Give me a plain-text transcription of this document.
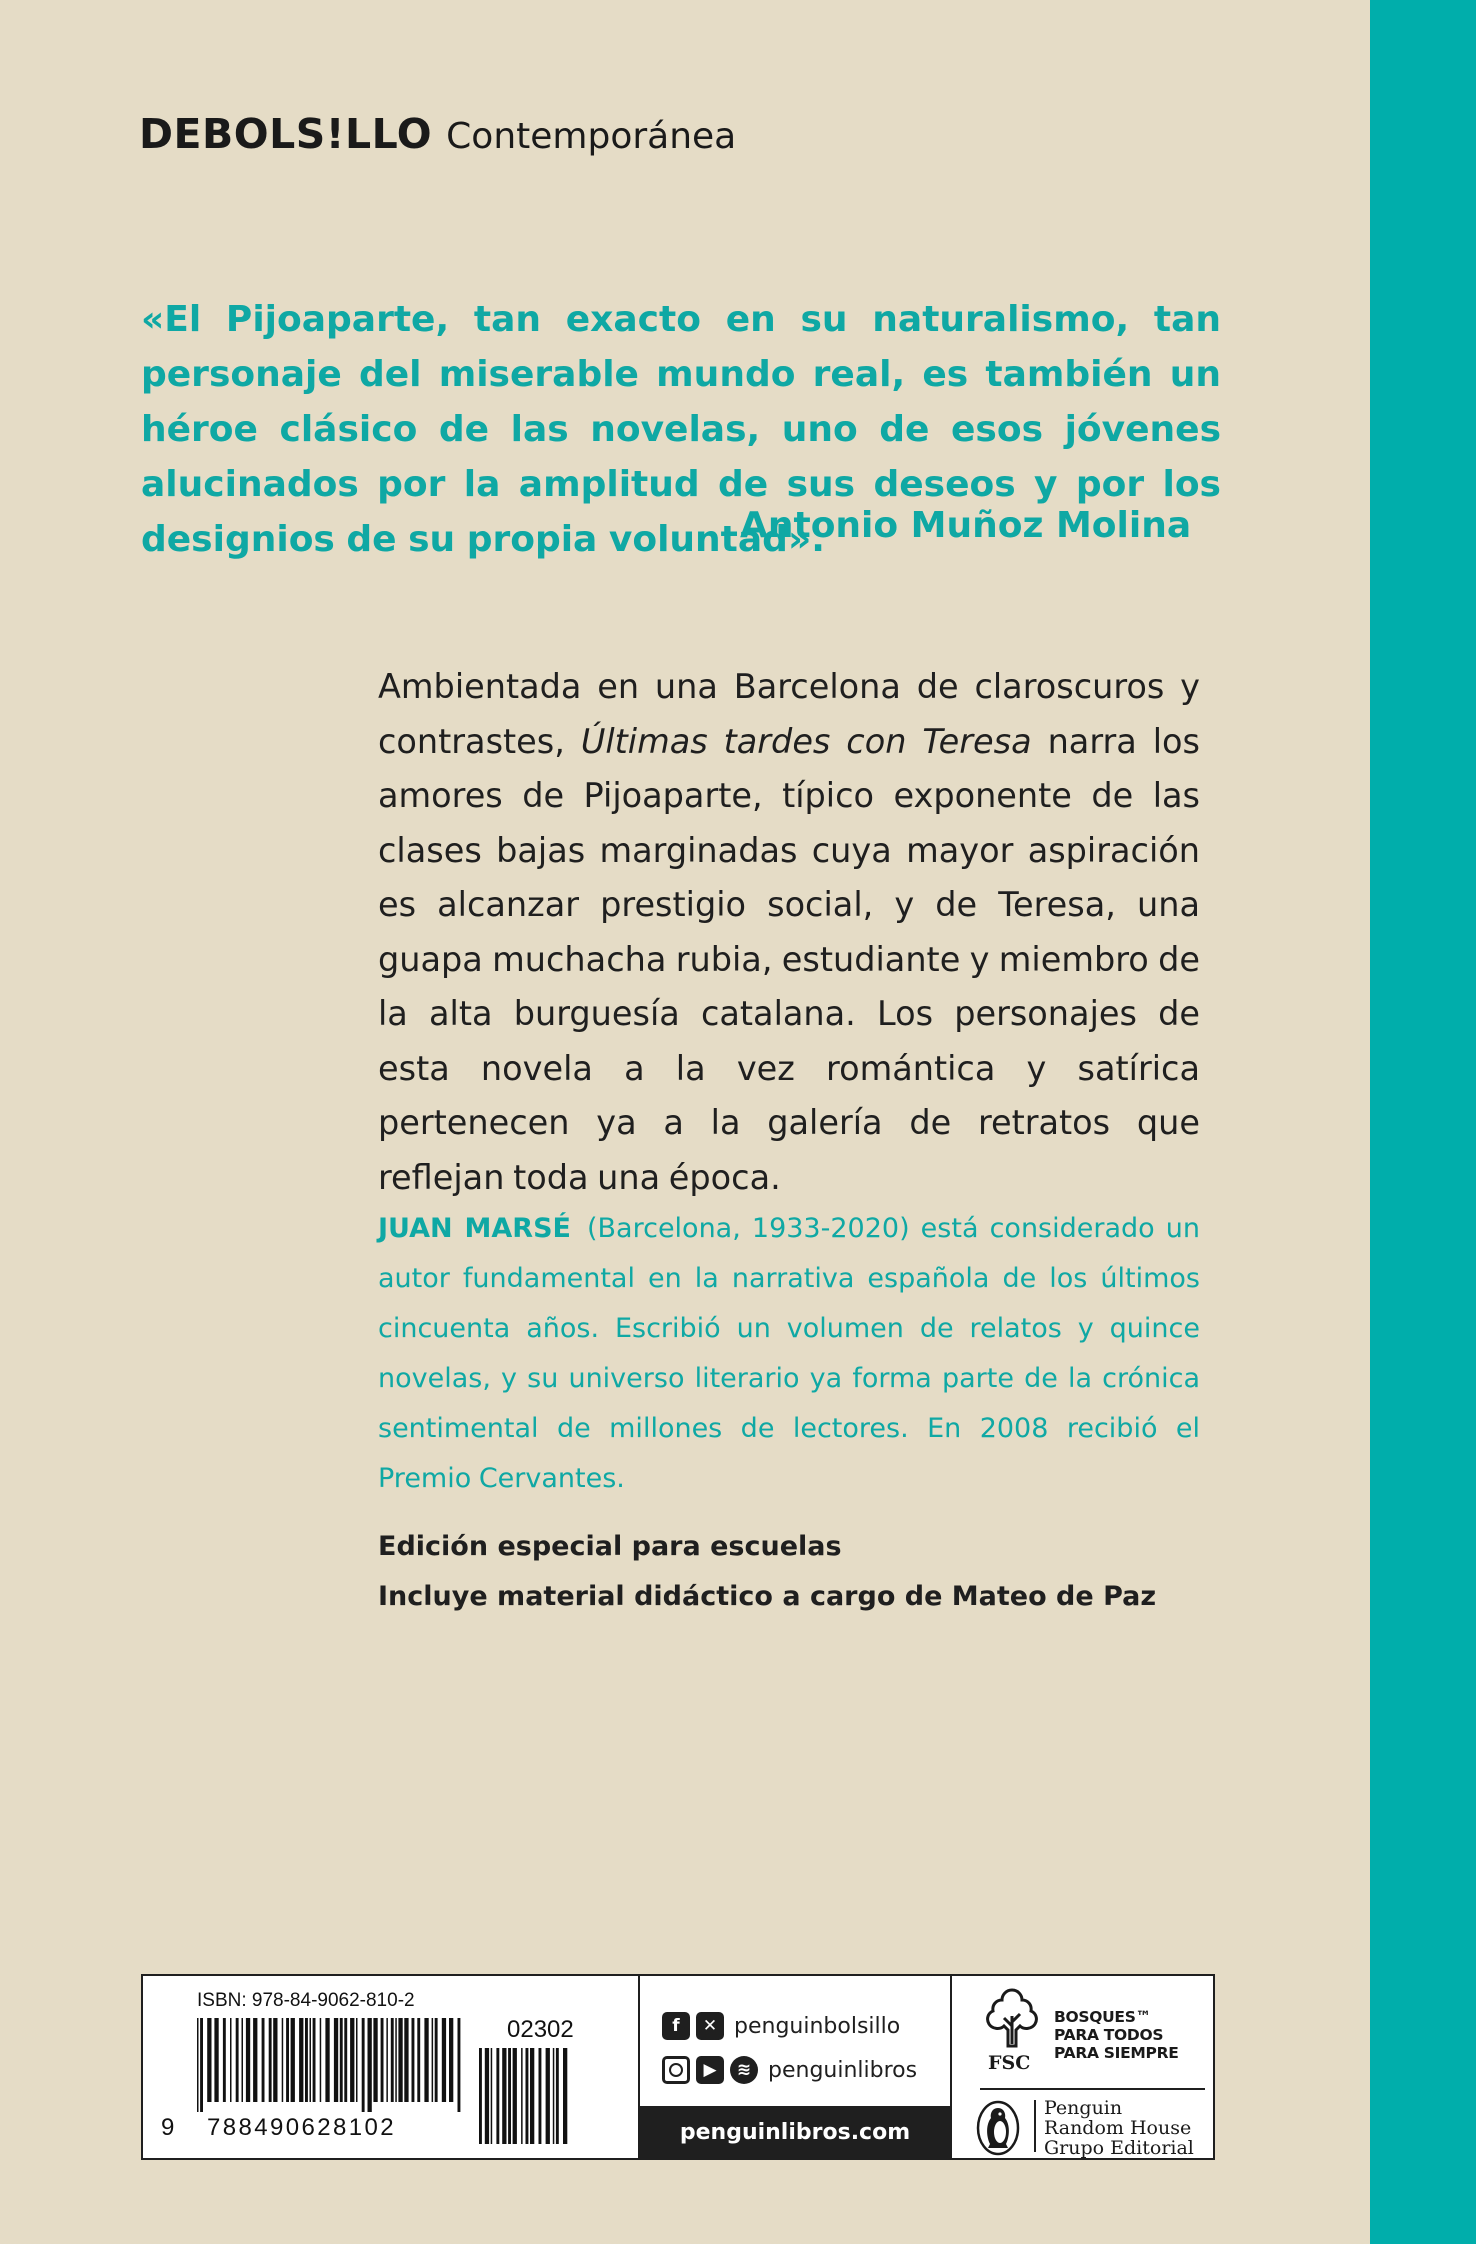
DEBOLS!LLO Contemporánea
«El Pijoaparte, tan exacto en su naturalismo, tan personaje del miserable mundo real, es también un héroe clásico de las novelas, uno de esos jóvenes alucinados por la amplitud de sus deseos y por los designios de su propia voluntad».
Antonio Muñoz Molina
Ambientada en una Barcelona de claroscuros y contrastes, Últimas tardes con Teresa narra los amores de Pijoaparte, típico exponente de las clases bajas marginadas cuya mayor aspiración es alcanzar prestigio social, y de Teresa, una guapa muchacha rubia, estudiante y miembro de la alta burguesía catalana. Los personajes de esta novela a la vez romántica y satírica pertenecen ya a la galería de retratos que reflejan toda una época.
JUAN MARSÉ (Barcelona, 1933-2020) está considerado un autor fundamental en la narrativa española de los últimos cincuenta años. Escribió un volumen de relatos y quince novelas, y su universo literario ya forma parte de la crónica sentimental de millones de lectores. En 2008 recibió el Premio Cervantes.
Edición especial para escuelas
Incluye material didáctico a cargo de Mateo de Paz
ISBN: 978-84-9062-810-2
9 788490628102
02302	f	✕ penguinbolsillo
▶	≋ penguinlibros
penguinlibros.com
FSC
BOSQUES™
PARA TODOS
PARA SIEMPRE
Penguin
Random House
Grupo Editorial
